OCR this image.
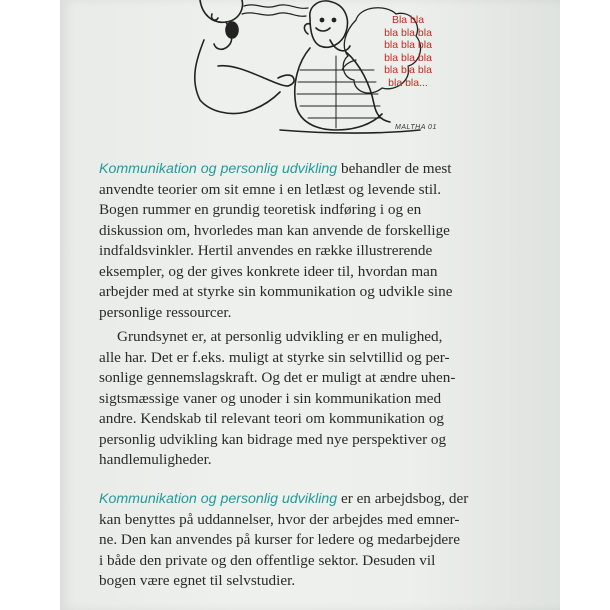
Bla bla
bla bla bla
bla bla bla
bla bla bla
bla bla bla
bla bla...
MALTHA 01
Kommunikation og personlig udvikling behandler de mest
anvendte teorier om sit emne i en letlæst og levende stil.
Bogen rummer en grundig teoretisk indføring i og en
diskussion om, hvorledes man kan anvende de forskellige
indfaldsvinkler. Hertil anvendes en række illustrerende
eksempler, og der gives konkrete ideer til, hvordan man
arbejder med at styrke sin kommunikation og udvikle sine
personlige ressourcer.
Grundsynet er, at personlig udvikling er en mulighed,
alle har. Det er f.eks. muligt at styrke sin selvtillid og per-
sonlige gennemslagskraft. Og det er muligt at ændre uhen-
sigtsmæssige vaner og unoder i sin kommunikation med
andre. Kendskab til relevant teori om kommunikation og
personlig udvikling kan bidrage med nye perspektiver og
handlemuligheder.
Kommunikation og personlig udvikling er en arbejdsbog, der
kan benyttes på uddannelser, hvor der arbejdes med emner-
ne. Den kan anvendes på kurser for ledere og medarbejdere
i både den private og den offentlige sektor. Desuden vil
bogen være egnet til selvstudier.
